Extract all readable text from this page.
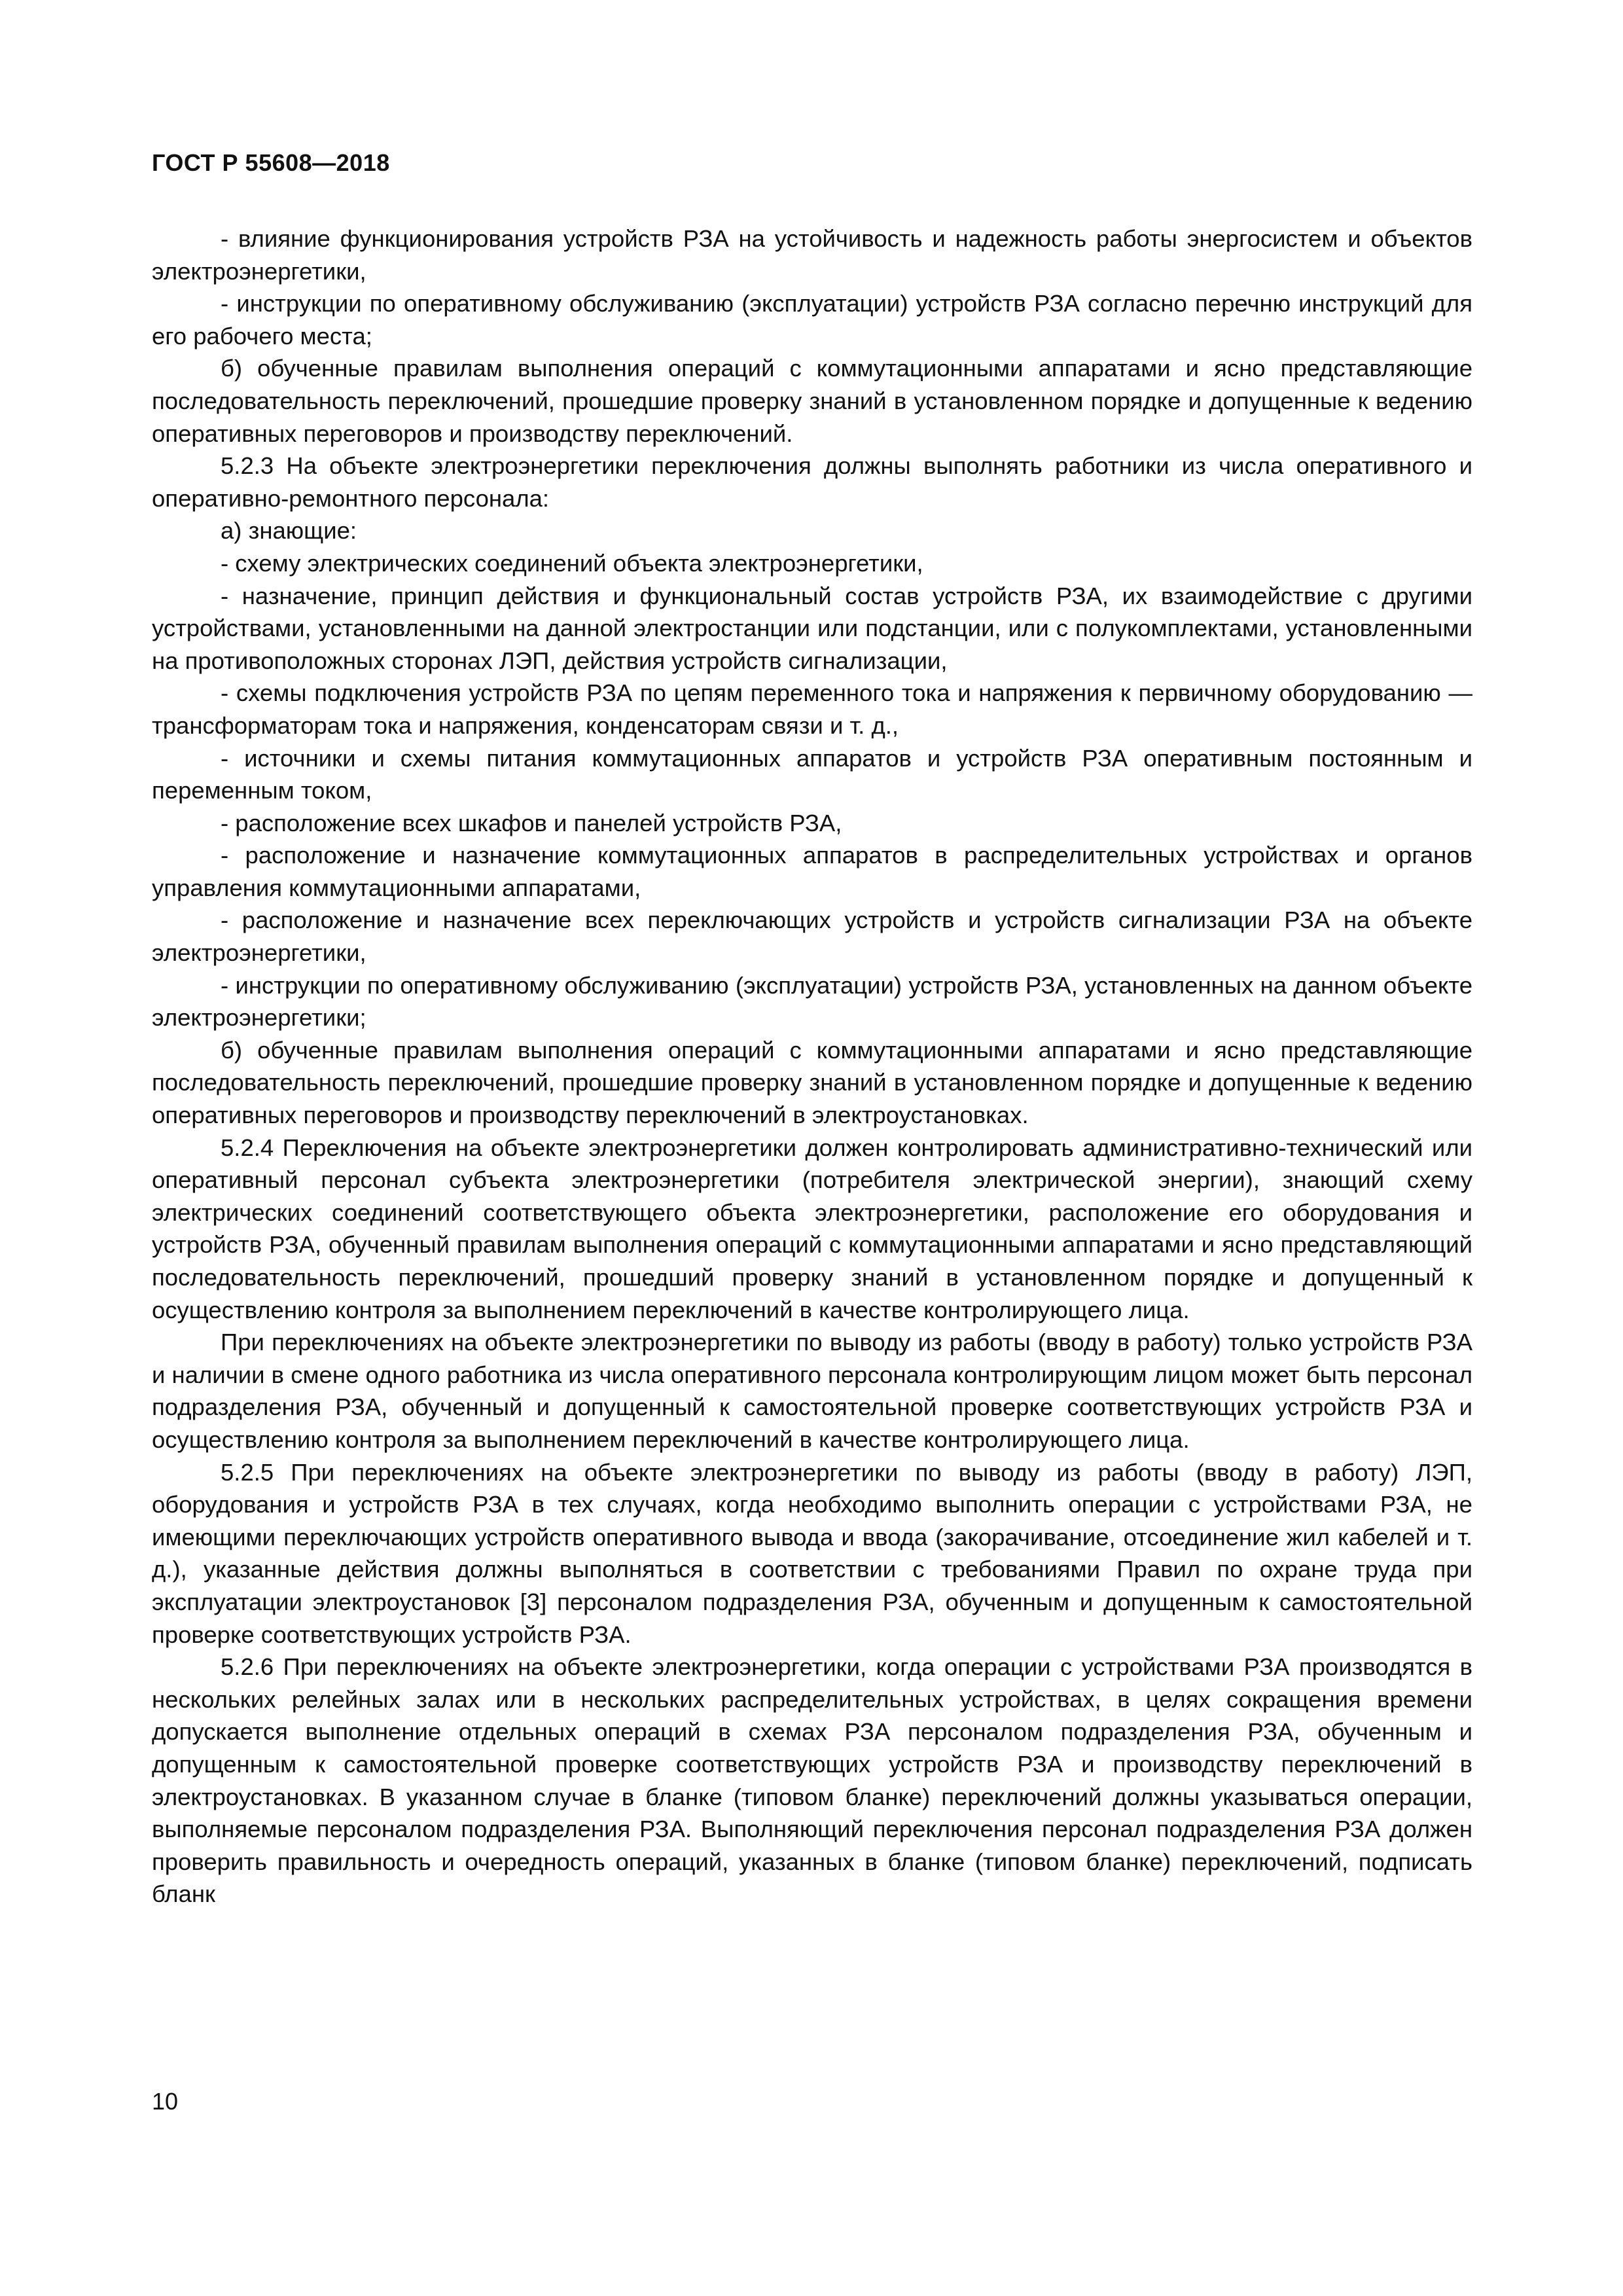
ГОСТ Р 55608—2018

- влияние функционирования устройств РЗА на устойчивость и надежность работы энергосистем и объектов электроэнергетики,

- инструкции по оперативному обслуживанию (эксплуатации) устройств РЗА согласно перечню инструкций для его рабочего места;

б) обученные правилам выполнения операций с коммутационными аппаратами и ясно представляющие последовательность переключений, прошедшие проверку знаний в установленном порядке и допущенные к ведению оперативных переговоров и производству переключений.

5.2.3 На объекте электроэнергетики переключения должны выполнять работники из числа оперативного и оперативно-ремонтного персонала:

а) знающие:

- схему электрических соединений объекта электроэнергетики,

- назначение, принцип действия и функциональный состав устройств РЗА, их взаимодействие с другими устройствами, установленными на данной электростанции или подстанции, или с полукомплектами, установленными на противоположных сторонах ЛЭП, действия устройств сигнализации,

- схемы подключения устройств РЗА по цепям переменного тока и напряжения к первичному оборудованию — трансформаторам тока и напряжения, конденсаторам связи и т. д.,

- источники и схемы питания коммутационных аппаратов и устройств РЗА оперативным постоянным и переменным током,

- расположение всех шкафов и панелей устройств РЗА,

- расположение и назначение коммутационных аппаратов в распределительных устройствах и органов управления коммутационными аппаратами,

- расположение и назначение всех переключающих устройств и устройств сигнализации РЗА на объекте электроэнергетики,

- инструкции по оперативному обслуживанию (эксплуатации) устройств РЗА, установленных на данном объекте электроэнергетики;

б) обученные правилам выполнения операций с коммутационными аппаратами и ясно представляющие последовательность переключений, прошедшие проверку знаний в установленном порядке и допущенные к ведению оперативных переговоров и производству переключений в электроустановках.

5.2.4 Переключения на объекте электроэнергетики должен контролировать административно-технический или оперативный персонал субъекта электроэнергетики (потребителя электрической энергии), знающий схему электрических соединений соответствующего объекта электроэнергетики, расположение его оборудования и устройств РЗА, обученный правилам выполнения операций с коммутационными аппаратами и ясно представляющий последовательность переключений, прошедший проверку знаний в установленном порядке и допущенный к осуществлению контроля за выполнением переключений в качестве контролирующего лица.

При переключениях на объекте электроэнергетики по выводу из работы (вводу в работу) только устройств РЗА и наличии в смене одного работника из числа оперативного персонала контролирующим лицом может быть персонал подразделения РЗА, обученный и допущенный к самостоятельной проверке соответствующих устройств РЗА и осуществлению контроля за выполнением переключений в качестве контролирующего лица.

5.2.5 При переключениях на объекте электроэнергетики по выводу из работы (вводу в работу) ЛЭП, оборудования и устройств РЗА в тех случаях, когда необходимо выполнить операции с устройствами РЗА, не имеющими переключающих устройств оперативного вывода и ввода (закорачивание, отсоединение жил кабелей и т. д.), указанные действия должны выполняться в соответствии с требованиями Правил по охране труда при эксплуатации электроустановок [3] персоналом подразделения РЗА, обученным и допущенным к самостоятельной проверке соответствующих устройств РЗА.

5.2.6 При переключениях на объекте электроэнергетики, когда операции с устройствами РЗА производятся в нескольких релейных залах или в нескольких распределительных устройствах, в целях сокращения времени допускается выполнение отдельных операций в схемах РЗА персоналом подразделения РЗА, обученным и допущенным к самостоятельной проверке соответствующих устройств РЗА и производству переключений в электроустановках. В указанном случае в бланке (типовом бланке) переключений должны указываться операции, выполняемые персоналом подразделения РЗА. Выполняющий переключения персонал подразделения РЗА должен проверить правильность и очередность операций, указанных в бланке (типовом бланке) переключений, подписать бланк

10
